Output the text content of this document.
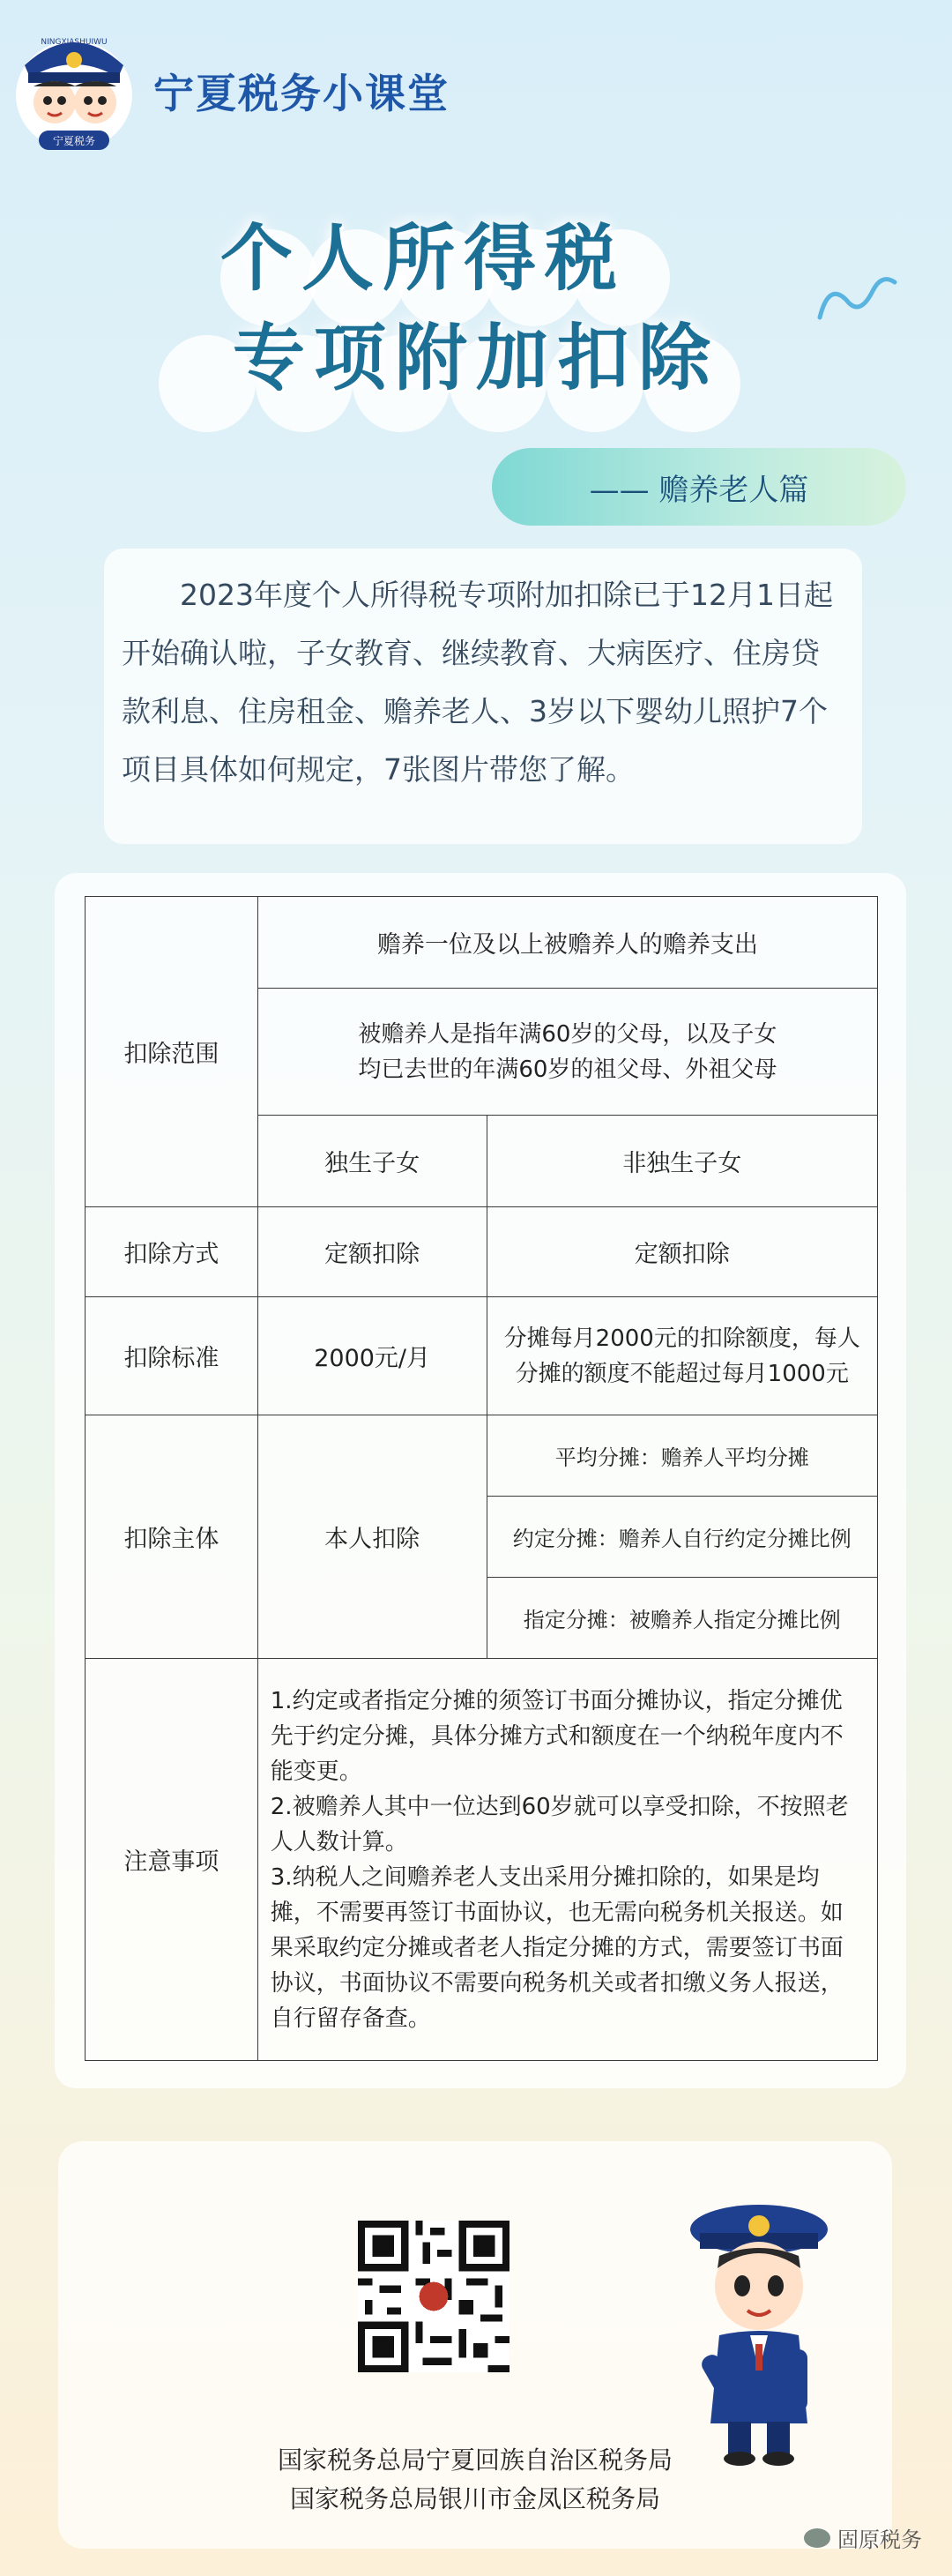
宁夏税务
NINGXIASHUIWU
宁夏税务小课堂
个人所得税
专项附加扣除
—— 赡养老人篇

2023年度个人所得税专项附加扣除已于12月1日起开始确认啦，子女教育、继续教育、大病医疗、住房贷款利息、住房租金、赡养老人、3岁以下婴幼儿照护7个项目具体如何规定，7张图片带您了解。

扣除范围	赡养一位及以上被赡养人的赡养支出	

	被赡养人是指年满60岁的父母，以及子女
均已去世的年满60岁的祖父母、外祖父母	

	独生子女	非独生子女
扣除方式	定额扣除	定额扣除
扣除标准	2000元/月	分摊每月2000元的扣除额度，每人
分摊的额度不能超过每月1000元

扣除主体	本人扣除	平均分摊：赡养人平均分摊
		约定分摊：赡养人自行约定分摊比例
		指定分摊：被赡养人指定分摊比例
注意事项	1.约定或者指定分摊的须签订书面分摊协议，指定分摊优先于约定分摊，具体分摊方式和额度在一个纳税年度内不能变更。
2.被赡养人其中一位达到60岁就可以享受扣除，不按照老人人数计算。
3.纳税人之间赡养老人支出采用分摊扣除的，如果是均摊，不需要再签订书面协议，也无需向税务机关报送。如果采取约定分摊或者老人指定分摊的方式，需要签订书面协议，书面协议不需要向税务机关或者扣缴义务人报送，自行留存备查。	
国家税务总局宁夏回族自治区税务局
国家税务总局银川市金凤区税务局
固原税务
